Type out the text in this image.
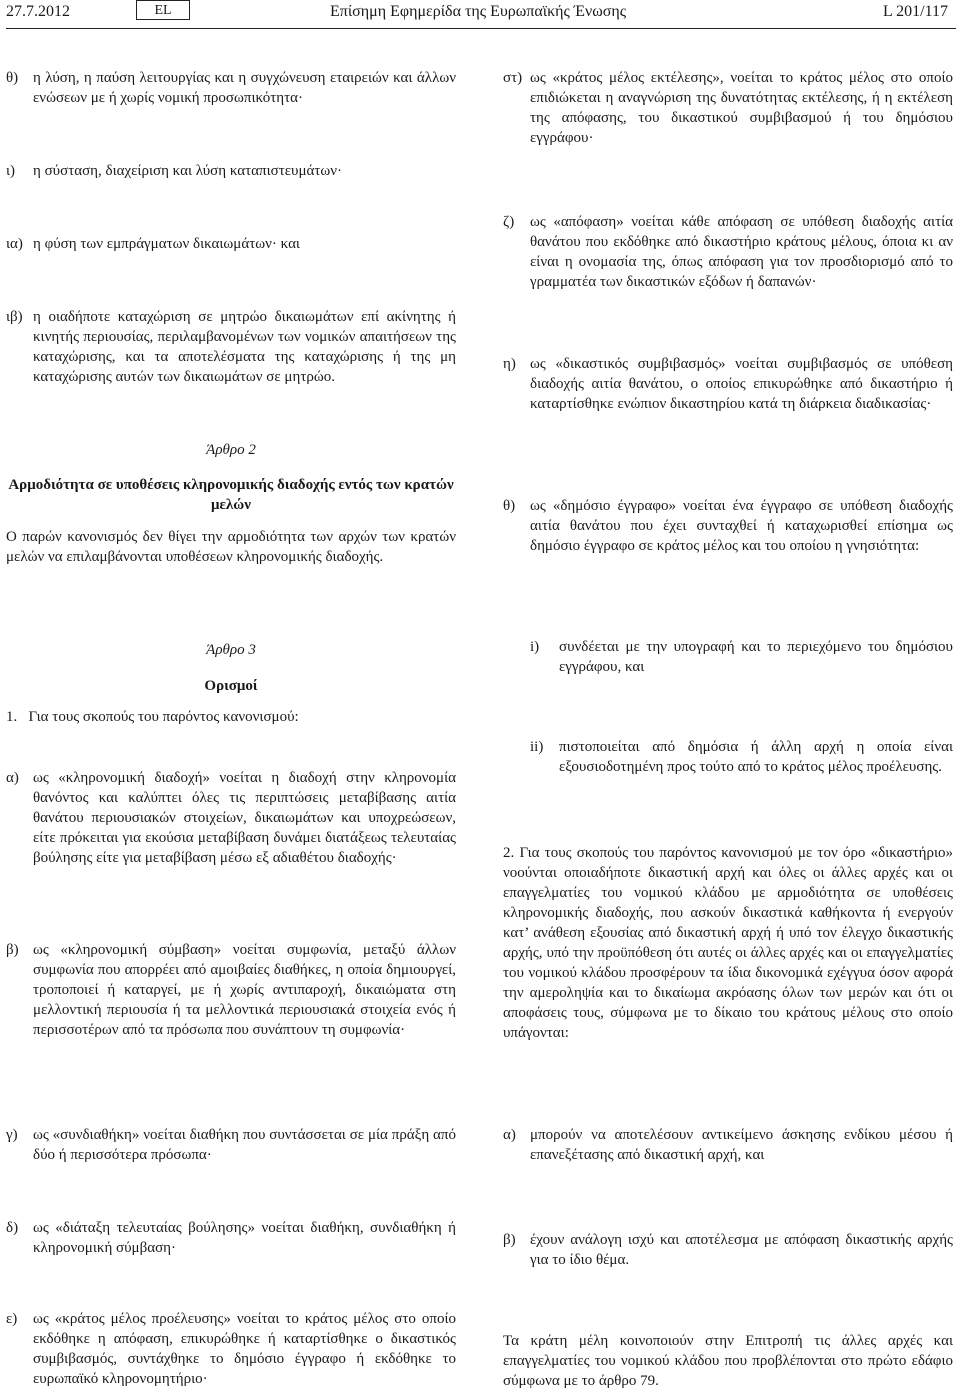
27.7.2012	EL	Επίσημη Εφημερίδα της Ευρωπαϊκής Ένωσης	L 201/117
θ) η λύση, η παύση λειτουργίας και η συγχώνευση εταιρειών και άλλων ενώσεων με ή χωρίς νομική προσωπικότητα·
ι) η σύσταση, διαχείριση και λύση καταπιστευμάτων·
ια) η φύση των εμπράγματων δικαιωμάτων· και
ιβ) η οιαδήποτε καταχώριση σε μητρώο δικαιωμάτων επί ακίνητης ή κινητής περιουσίας, περιλαμβανομένων των νομικών απαιτήσεων της καταχώρισης, και τα αποτελέσματα της καταχώρισης ή της μη καταχώρισης αυτών των δικαιωμάτων σε μητρώο.
Άρθρο 2
Αρμοδιότητα σε υποθέσεις κληρονομικής διαδοχής εντός των κρατών μελών
Ο παρών κανονισμός δεν θίγει την αρμοδιότητα των αρχών των κρατών μελών να επιλαμβάνονται υποθέσεων κληρονομικής διαδοχής.
Άρθρο 3
Ορισμοί
1.   Για τους σκοπούς του παρόντος κανονισμού:
α) ως «κληρονομική διαδοχή» νοείται η διαδοχή στην κληρονομία θανόντος και καλύπτει όλες τις περιπτώσεις μεταβίβασης αιτία θανάτου περιουσιακών στοιχείων, δικαιωμάτων και υποχρεώσεων, είτε πρόκειται για εκούσια μεταβίβαση δυνάμει διατάξεως τελευταίας βούλησης είτε για μεταβίβαση μέσω εξ αδιαθέτου διαδοχής·
β) ως «κληρονομική σύμβαση» νοείται συμφωνία, μεταξύ άλλων συμφωνία που απορρέει από αμοιβαίες διαθήκες, η οποία δημιουργεί, τροποποιεί ή καταργεί, με ή χωρίς αντιπαροχή, δικαιώματα στη μελλοντική περιουσία ή τα μελλοντικά περιουσιακά στοιχεία ενός ή περισσοτέρων από τα πρόσωπα που συνάπτουν τη συμφωνία·
γ) ως «συνδιαθήκη» νοείται διαθήκη που συντάσσεται σε μία πράξη από δύο ή περισσότερα πρόσωπα·
δ) ως «διάταξη τελευταίας βούλησης» νοείται διαθήκη, συνδιαθήκη ή κληρονομική σύμβαση·
ε) ως «κράτος μέλος προέλευσης» νοείται το κράτος μέλος στο οποίο εκδόθηκε η απόφαση, επικυρώθηκε ή καταρτίσθηκε ο δικαστικός συμβιβασμός, συντάχθηκε το δημόσιο έγγραφο ή εκδόθηκε το ευρωπαϊκό κληρονομητήριο·
στ) ως «κράτος μέλος εκτέλεσης», νοείται το κράτος μέλος στο οποίο επιδιώκεται η αναγνώριση της δυνατότητας εκτέλεσης, ή η εκτέλεση της απόφασης, του δικαστικού συμβιβασμού ή του δημόσιου εγγράφου·
ζ) ως «απόφαση» νοείται κάθε απόφαση σε υπόθεση διαδοχής αιτία θανάτου που εκδόθηκε από δικαστήριο κράτους μέλους, όποια κι αν είναι η ονομασία της, όπως απόφαση για τον προσδιορισμό από το γραμματέα των δικαστικών εξόδων ή δαπανών·
η) ως «δικαστικός συμβιβασμός» νοείται συμβιβασμός σε υπόθεση διαδοχής αιτία θανάτου, ο οποίος επικυρώθηκε από δικαστήριο ή καταρτίσθηκε ενώπιον δικαστηρίου κατά τη διάρκεια διαδικασίας·
θ) ως «δημόσιο έγγραφο» νοείται ένα έγγραφο σε υπόθεση διαδοχής αιτία θανάτου που έχει συνταχθεί ή καταχωρισθεί επίσημα ως δημόσιο έγγραφο σε κράτος μέλος και του οποίου η γνησιότητα:
i) συνδέεται με την υπογραφή και το περιεχόμενο του δημόσιου εγγράφου, και
ii) πιστοποιείται από δημόσια ή άλλη αρχή η οποία είναι εξουσιοδοτημένη προς τούτο από το κράτος μέλος προέλευσης.
2. Για τους σκοπούς του παρόντος κανονισμού με τον όρο «δικαστήριο» νοούνται οποιαδήποτε δικαστική αρχή και όλες οι άλλες αρχές και οι επαγγελματίες του νομικού κλάδου με αρμοδιότητα σε υποθέσεις κληρονομικής διαδοχής, που ασκούν δικαστικά καθήκοντα ή ενεργούν κατ’ ανάθεση εξουσίας από δικαστική αρχή ή υπό τον έλεγχο δικαστικής αρχής, υπό την προϋπόθεση ότι αυτές οι άλλες αρχές και οι επαγγελματίες του νομικού κλάδου προσφέρουν τα ίδια δικονομικά εχέγγυα όσον αφορά την αμεροληψία και το δικαίωμα ακρόασης όλων των μερών και ότι οι αποφάσεις τους, σύμφωνα με το δίκαιο του κράτους μέλους στο οποίο υπάγονται:
α) μπορούν να αποτελέσουν αντικείμενο άσκησης ενδίκου μέσου ή επανεξέτασης από δικαστική αρχή, και
β) έχουν ανάλογη ισχύ και αποτέλεσμα με απόφαση δικαστικής αρχής για το ίδιο θέμα.
Τα κράτη μέλη κοινοποιούν στην Επιτροπή τις άλλες αρχές και επαγγελματίες του νομικού κλάδου που προβλέπονται στο πρώτο εδάφιο σύμφωνα με το άρθρο 79.
